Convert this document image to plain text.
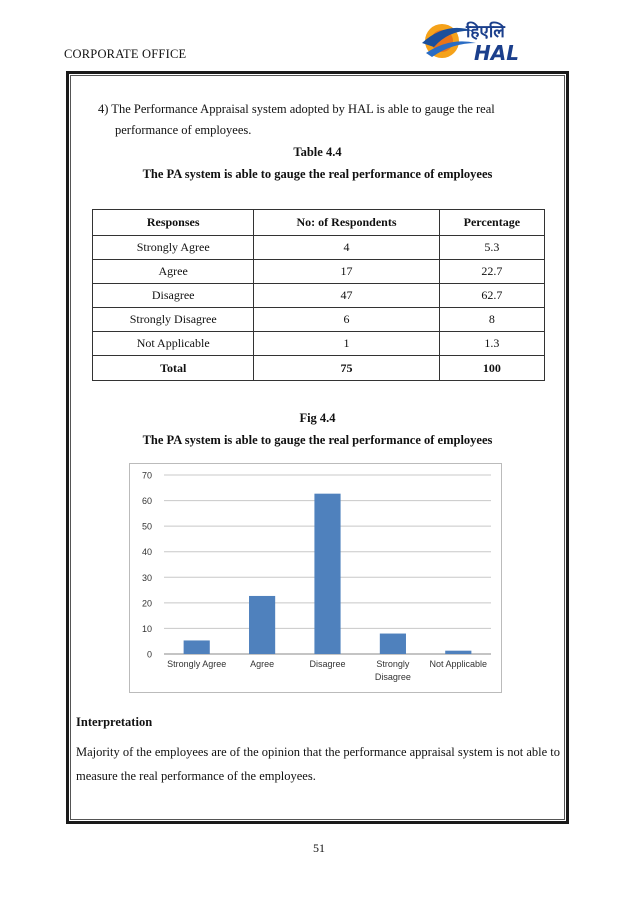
CORPORATE OFFICE
हिएलि
HAL
4) The Performance Appraisal system adopted by HAL is able to gauge the real
performance of employees.
Table 4.4
The PA system is able to gauge the real performance of employees
Responses	No: of Respondents	Percentage
Strongly Agree	4	5.3
Agree	17	22.7
Disagree	47	62.7
Strongly Disagree	6	8
Not Applicable	1	1.3
Total	75	100
Fig 4.4
The PA system is able to gauge the real performance of employees
0
10
20
30
40
50
60
70
Strongly Agree	Agree	Disagree	Strongly
Disagree
Not Applicable
Interpretation
Majority of the employees are of the opinion that the performance appraisal system is not able to measure the real performance of the employees.
51
